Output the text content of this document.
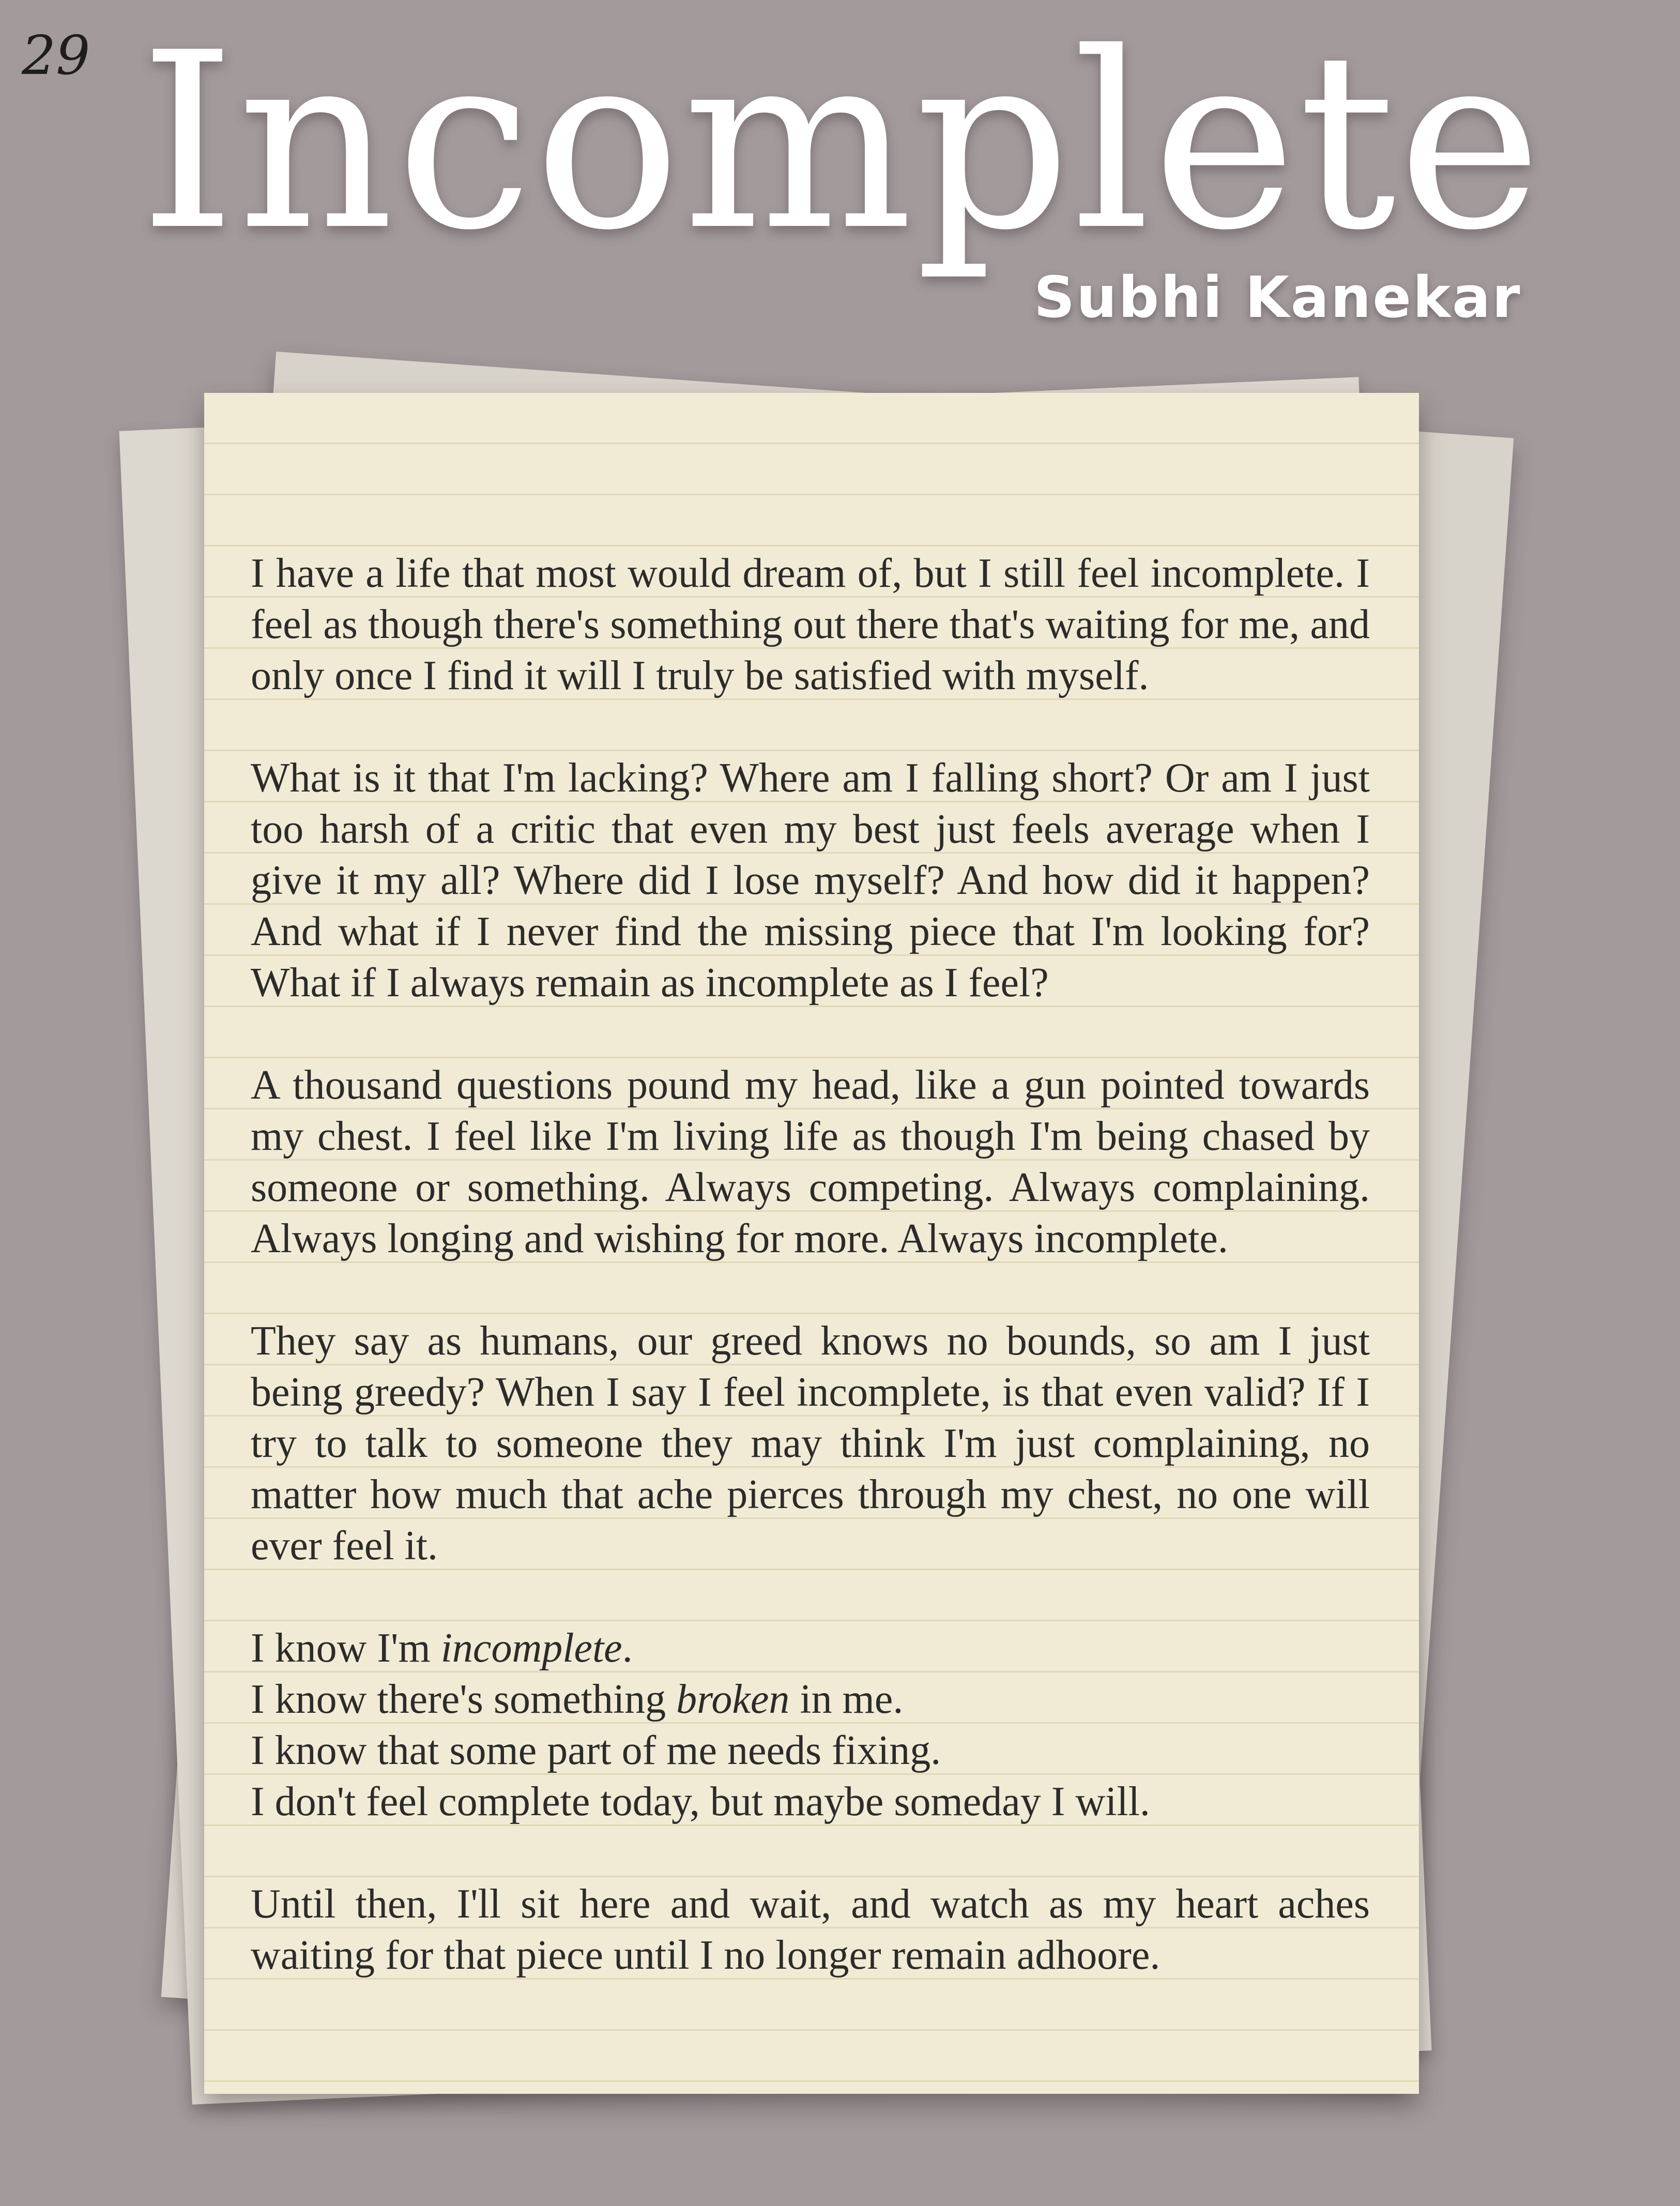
29 Incomplete
Subhi Kanekar

I have a life that most would dream of, but I still feel incomplete. I feel as though there's something out there that's waiting for me, and only once I find it will I truly be satisfied with myself.

What is it that I'm lacking? Where am I falling short? Or am I just too harsh of a critic that even my best just feels average when I give it my all? Where did I lose myself? And how did it happen? And what if I never find the missing piece that I'm looking for? What if I always remain as incomplete as I feel?

A thousand questions pound my head, like a gun pointed towards my chest. I feel like I'm living life as though I'm being chased by someone or something. Always competing. Always complaining. Always longing and wishing for more. Always incomplete.

They say as humans, our greed knows no bounds, so am I just being greedy? When I say I feel incomplete, is that even valid? If I try to talk to someone they may think I'm just complaining, no matter how much that ache pierces through my chest, no one will ever feel it.

I know I'm incomplete.
I know there's something broken in me.
I know that some part of me needs fixing.
I don't feel complete today, but maybe someday I will.

Until then, I'll sit here and wait, and watch as my heart aches waiting for that piece until I no longer remain adhoore.
